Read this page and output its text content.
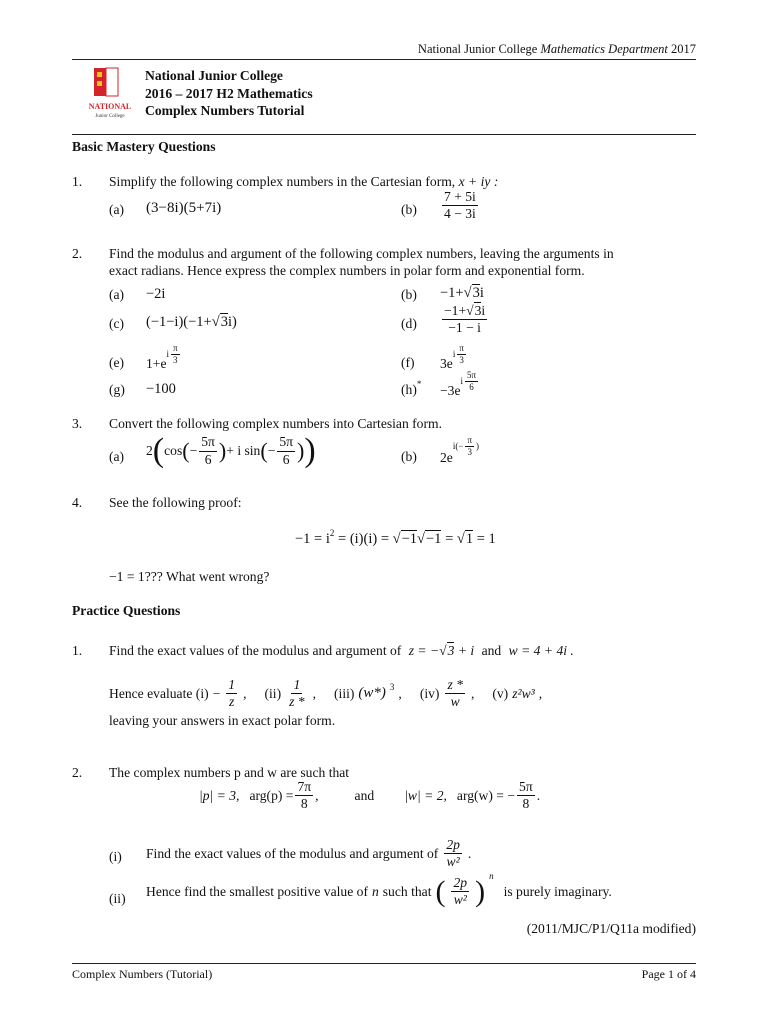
National Junior College Mathematics Department 2017
NATIONAL
Junior College
National Junior College
2016 – 2017 H2 Mathematics
Complex Numbers Tutorial
Basic Mastery Questions
1. Simplify the following complex numbers in the Cartesian form, x + iy :
(a) (3−8i)(5+7i)	$(b) \frac{7 + 5i}{4 - 3i}$
2. Find the modulus and argument of the following complex numbers, leaving the arguments in
exact radians. Hence express the complex numbers in polar form and exponential form.
(a) −2i	(b) −1+√3i
(c) (−1−i)(−1+√3i)	$(d) \frac{-1+√3i}{-1 - i}$
(e) $1+ei \frac{\pi}{3}$	(f) $3ei \frac{\pi}{3}$
(g) −100	$(h)^* -3ei \frac{5\pi}{6}$
3. Convert the following complex numbers into Cartesian form.
(a) 2 ( cos ( − $\frac{5\pi}{6}$ ) + i sin ( − $\frac{5\pi}{6}$ ) )	(b) $2ei(- \frac{\pi}{3}$ )
4. See the following proof:
$-1 = i^2 = (i)(i) = √-1√-1 = √1 = 1$
−1 = 1??? What went wrong?
Practice Questions
1. Find the exact values of the modulus and argument of z = −√3 + i and w = 4 + 4i .
Hence evaluate $(i) - \frac{1}{z}$ , $(ii) \frac{1}{z *}$ , (iii) (w*) 3 , $(iv) \frac{z *}{w}$ , (v) z²w³ ,
leaving your answers in exact polar form.
2. The complex numbers p and w are such that
|p| = 3, $arg(p) = \frac{7\pi}{8}$ ,	and |w| = 2, arg(w) = − $\frac{5\pi}{8}$ .
(i) Find the exact values of the modulus and argument of $\frac{2p}{\text{w²}}$ .
(ii) Hence find the smallest positive value of n such that ( $\frac{2p}{\text{w²}}$ ) n
is purely imaginary.
(2011/MJC/P1/Q11a modified)
Complex Numbers (Tutorial)	Page 1 of 4
